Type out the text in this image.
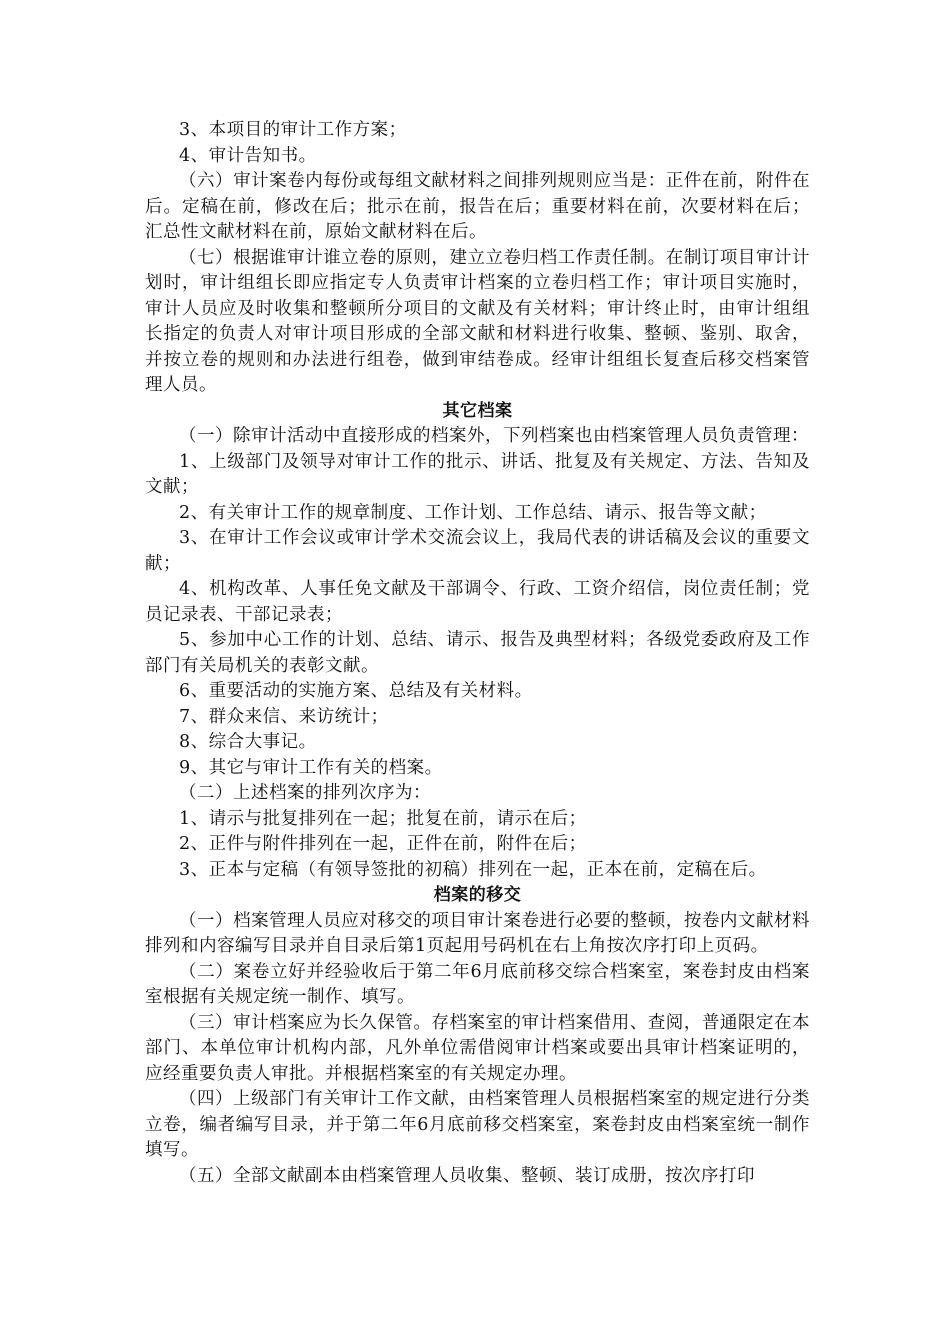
3、本项目的审计工作方案；

4、审计告知书。

（六）审计案卷内每份或每组文献材料之间排列规则应当是：正件在前，附件在后。定稿在前，修改在后；批示在前，报告在后；重要材料在前，次要材料在后；汇总性文献材料在前，原始文献材料在后。

（七）根据谁审计谁立卷的原则，建立立卷归档工作责任制。在制订项目审计计划时，审计组组长即应指定专人负责审计档案的立卷归档工作；审计项目实施时，审计人员应及时收集和整顿所分项目的文献及有关材料；审计终止时，由审计组组长指定的负责人对审计项目形成的全部文献和材料进行收集、整顿、鉴别、取舍，并按立卷的规则和办法进行组卷，做到审结卷成。经审计组组长复查后移交档案管理人员。

其它档案

（一）除审计活动中直接形成的档案外，下列档案也由档案管理人员负责管理：

1、上级部门及领导对审计工作的批示、讲话、批复及有关规定、方法、告知及文献；

2、有关审计工作的规章制度、工作计划、工作总结、请示、报告等文献；

3、在审计工作会议或审计学术交流会议上，我局代表的讲话稿及会议的重要文献；

4、机构改革、人事任免文献及干部调令、行政、工资介绍信，岗位责任制；党员记录表、干部记录表；

5、参加中心工作的计划、总结、请示、报告及典型材料；各级党委政府及工作部门有关局机关的表彰文献。

6、重要活动的实施方案、总结及有关材料。

7、群众来信、来访统计；

8、综合大事记。

9、其它与审计工作有关的档案。

（二）上述档案的排列次序为：

1、请示与批复排列在一起；批复在前，请示在后；

2、正件与附件排列在一起，正件在前，附件在后；

3、正本与定稿（有领导签批的初稿）排列在一起，正本在前，定稿在后。

档案的移交

（一）档案管理人员应对移交的项目审计案卷进行必要的整顿，按卷内文献材料排列和内容编写目录并自目录后第1页起用号码机在右上角按次序打印上页码。

（二）案卷立好并经验收后于第二年6月底前移交综合档案室，案卷封皮由档案室根据有关规定统一制作、填写。

（三）审计档案应为长久保管。存档案室的审计档案借用、查阅，普通限定在本部门、本单位审计机构内部，凡外单位需借阅审计档案或要出具审计档案证明的，应经重要负责人审批。并根据档案室的有关规定办理。

（四）上级部门有关审计工作文献，由档案管理人员根据档案室的规定进行分类立卷，编者编写目录，并于第二年6月底前移交档案室，案卷封皮由档案室统一制作填写。

（五）全部文献副本由档案管理人员收集、整顿、装订成册，按次序打印
